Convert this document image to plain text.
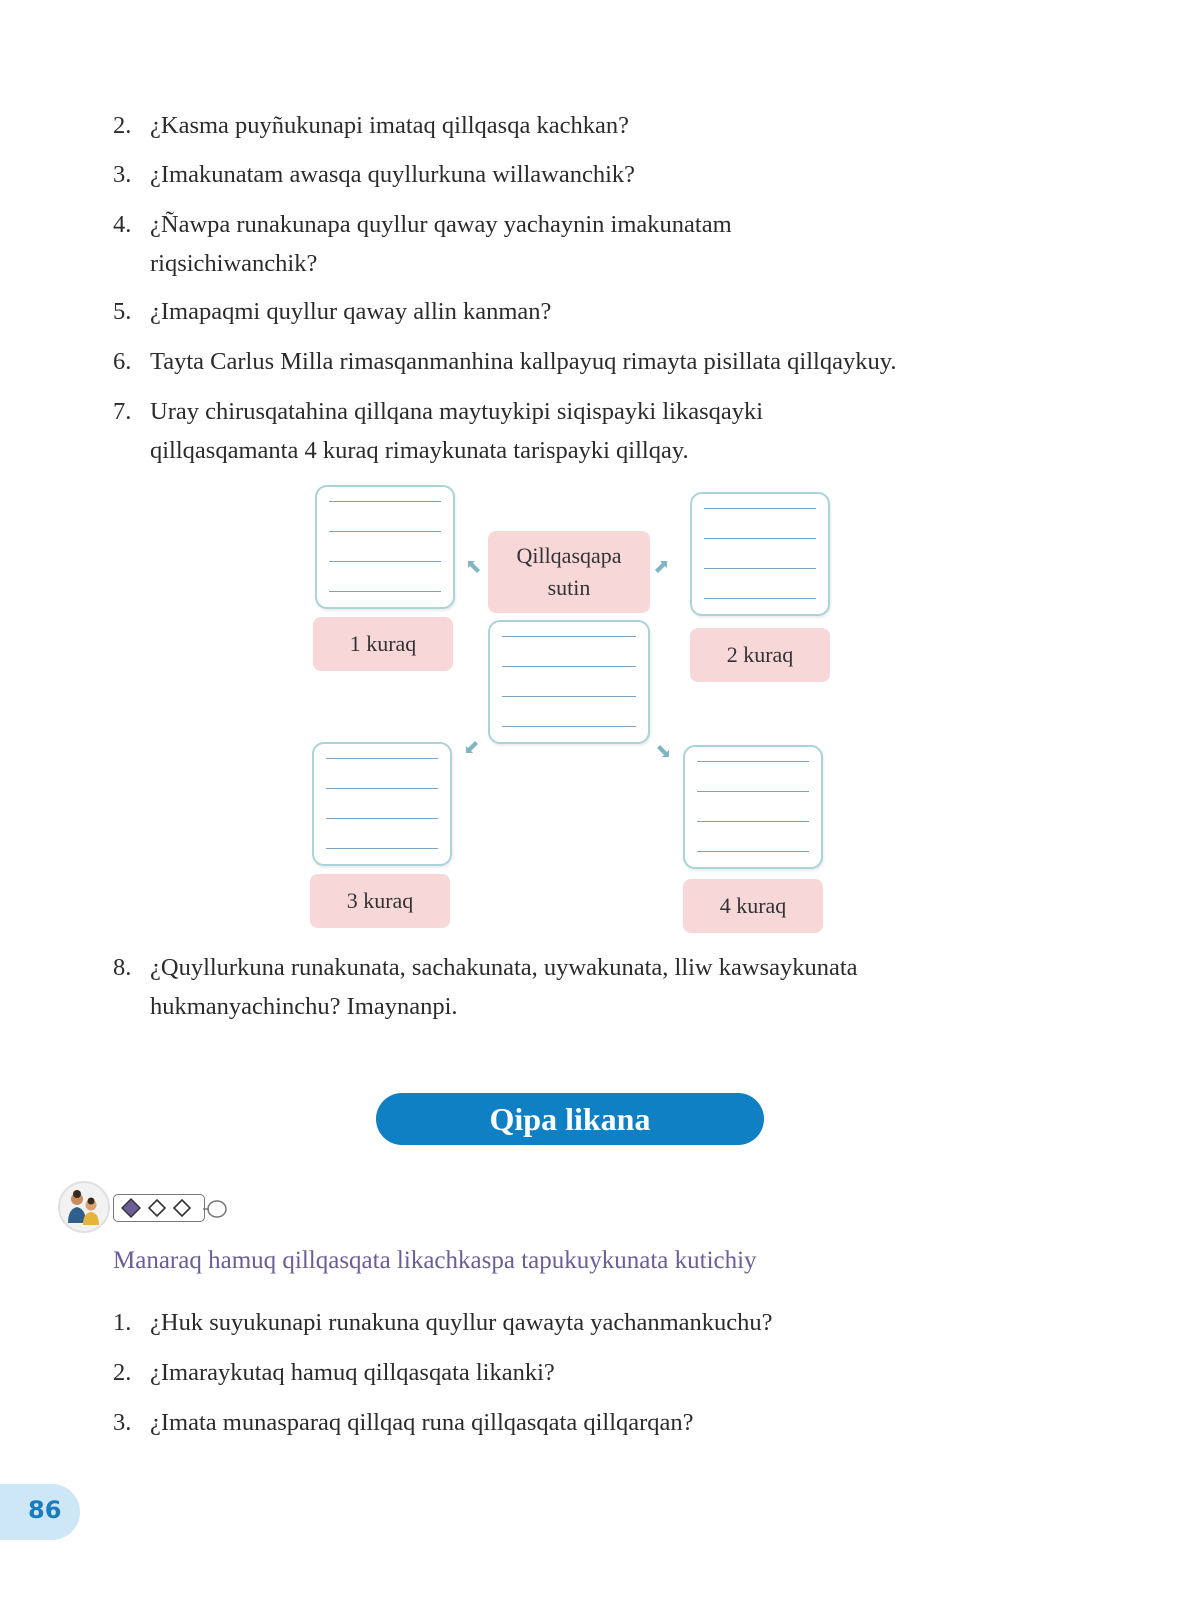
2. ¿Kasma puyñukunapi imataq qillqasqa kachkan?
3. ¿Imakunatam awasqa quyllurkuna willawanchik?
4. ¿Ñawpa runakunapa quyllur qaway yachaynin imakunatam
riqsichiwanchik?
5. ¿Imapaqmi quyllur qaway allin kanman?
6. Tayta Carlus Milla rimasqanmanhina kallpayuq rimayta pisillata qillqaykuy.
7. Uray chirusqatahina qillqana maytuykipi siqispayki likasqayki
qillqasqamanta 4 kuraq rimaykunata tarispayki qillqay.
1 kuraq
Qillqasqapa
sutin
2 kuraq
3 kuraq	4 kuraq
8. ¿Quyllurkuna runakunata, sachakunata, uywakunata, lliw kawsaykunata
hukmanyachinchu? Imaynanpi.
Qipa likana
Manaraq hamuq qillqasqata likachkaspa tapukuykunata kutichiy
1. ¿Huk suyukunapi runakuna quyllur qawayta yachanmankuchu?
2. ¿Imaraykutaq hamuq qillqasqata likanki?
3. ¿Imata munasparaq qillqaq runa qillqasqata qillqarqan?
86
